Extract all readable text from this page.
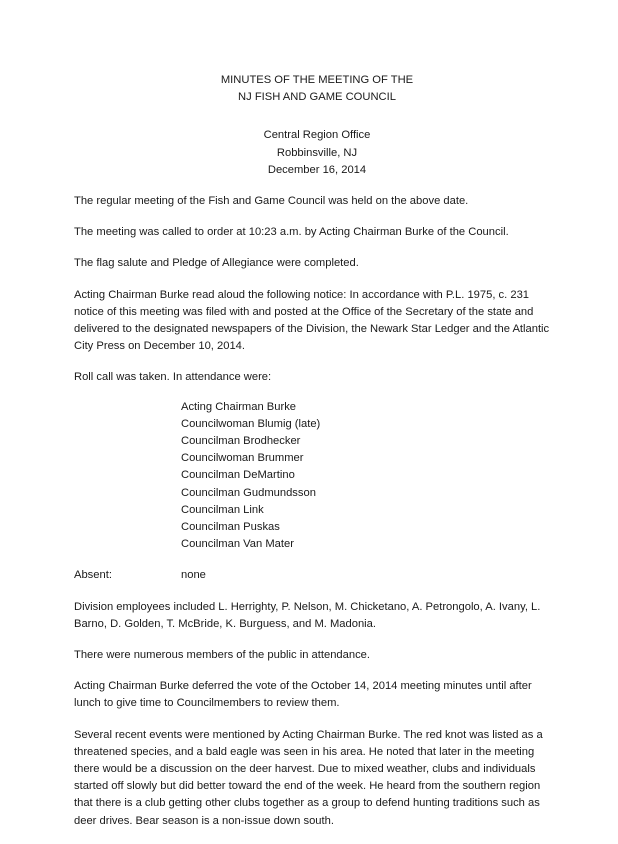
MINUTES OF THE MEETING OF THE

NJ FISH AND GAME COUNCIL

Central Region Office

Robbinsville, NJ

December 16, 2014

The regular meeting of the Fish and Game Council was held on the above date.

The meeting was called to order at 10:23 a.m. by Acting Chairman Burke of the Council.

The flag salute and Pledge of Allegiance were completed.

Acting Chairman Burke read aloud the following notice: In accordance with P.L. 1975, c. 231 notice of this meeting was filed with and posted at the Office of the Secretary of the state and delivered to the designated newspapers of the Division, the Newark Star Ledger and the Atlantic City Press on December 10, 2014.

Roll call was taken. In attendance were:

Acting Chairman Burke
Councilwoman Blumig (late)
Councilman Brodhecker
Councilwoman Brummer
Councilman DeMartino
Councilman Gudmundsson
Councilman Link
Councilman Puskas
Councilman Van Mater
Absent:	none

Division employees included L. Herrighty, P. Nelson, M. Chicketano, A. Petrongolo, A. Ivany, L. Barno, D. Golden, T. McBride, K. Burguess, and M. Madonia.

There were numerous members of the public in attendance.

Acting Chairman Burke deferred the vote of the October 14, 2014 meeting minutes until after lunch to give time to Councilmembers to review them.

Several recent events were mentioned by Acting Chairman Burke. The red knot was listed as a threatened species, and a bald eagle was seen in his area. He noted that later in the meeting there would be a discussion on the deer harvest. Due to mixed weather, clubs and individuals started off slowly but did better toward the end of the week. He heard from the southern region that there is a club getting other clubs together as a group to defend hunting traditions such as deer drives. Bear season is a non-issue down south.
